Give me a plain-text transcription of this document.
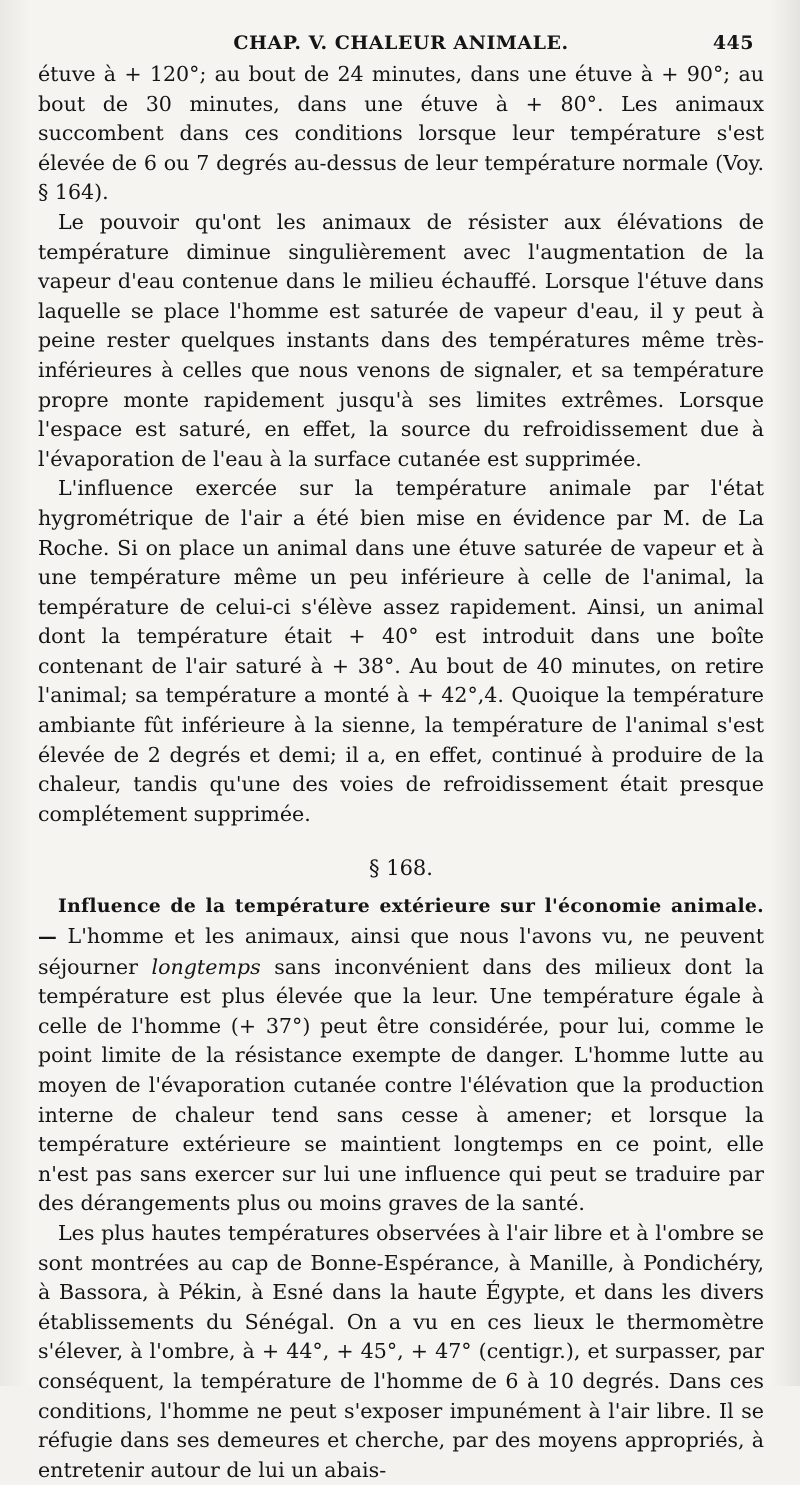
CHAP. V. CHALEUR ANIMALE.	445

étuve à + 120°; au bout de 24 minutes, dans une étuve à + 90°; au bout de 30 minutes, dans une étuve à + 80°. Les animaux succombent dans ces conditions lorsque leur température s'est élevée de 6 ou 7 degrés au-dessus de leur température normale (Voy. § 164).

Le pouvoir qu'ont les animaux de résister aux élévations de température diminue singulièrement avec l'augmentation de la vapeur d'eau contenue dans le milieu échauffé. Lorsque l'étuve dans laquelle se place l'homme est saturée de vapeur d'eau, il y peut à peine rester quelques instants dans des températures même très-inférieures à celles que nous venons de signaler, et sa température propre monte rapidement jusqu'à ses limites extrêmes. Lorsque l'espace est saturé, en effet, la source du refroidissement due à l'évaporation de l'eau à la surface cutanée est supprimée.

L'influence exercée sur la température animale par l'état hygrométrique de l'air a été bien mise en évidence par M. de La Roche. Si on place un animal dans une étuve saturée de vapeur et à une température même un peu inférieure à celle de l'animal, la température de celui-ci s'élève assez rapidement. Ainsi, un animal dont la température était + 40° est introduit dans une boîte contenant de l'air saturé à + 38°. Au bout de 40 minutes, on retire l'animal; sa température a monté à + 42°,4. Quoique la température ambiante fût inférieure à la sienne, la température de l'animal s'est élevée de 2 degrés et demi; il a, en effet, continué à produire de la chaleur, tandis qu'une des voies de refroidissement était presque complétement supprimée.

§ 168.

Influence de la température extérieure sur l'économie animale. — L'homme et les animaux, ainsi que nous l'avons vu, ne peuvent séjourner longtemps sans inconvénient dans des milieux dont la température est plus élevée que la leur. Une température égale à celle de l'homme (+ 37°) peut être considérée, pour lui, comme le point limite de la résistance exempte de danger. L'homme lutte au moyen de l'évaporation cutanée contre l'élévation que la production interne de chaleur tend sans cesse à amener; et lorsque la température extérieure se maintient longtemps en ce point, elle n'est pas sans exercer sur lui une influence qui peut se traduire par des dérangements plus ou moins graves de la santé.

Les plus hautes températures observées à l'air libre et à l'ombre se sont montrées au cap de Bonne-Espérance, à Manille, à Pondichéry, à Bassora, à Pékin, à Esné dans la haute Égypte, et dans les divers établissements du Sénégal. On a vu en ces lieux le thermomètre s'élever, à l'ombre, à + 44°, + 45°, + 47° (centigr.), et surpasser, par conséquent, la température de l'homme de 6 à 10 degrés. Dans ces conditions, l'homme ne peut s'exposer impunément à l'air libre. Il se réfugie dans ses demeures et cherche, par des moyens appropriés, à entretenir autour de lui un abais-
